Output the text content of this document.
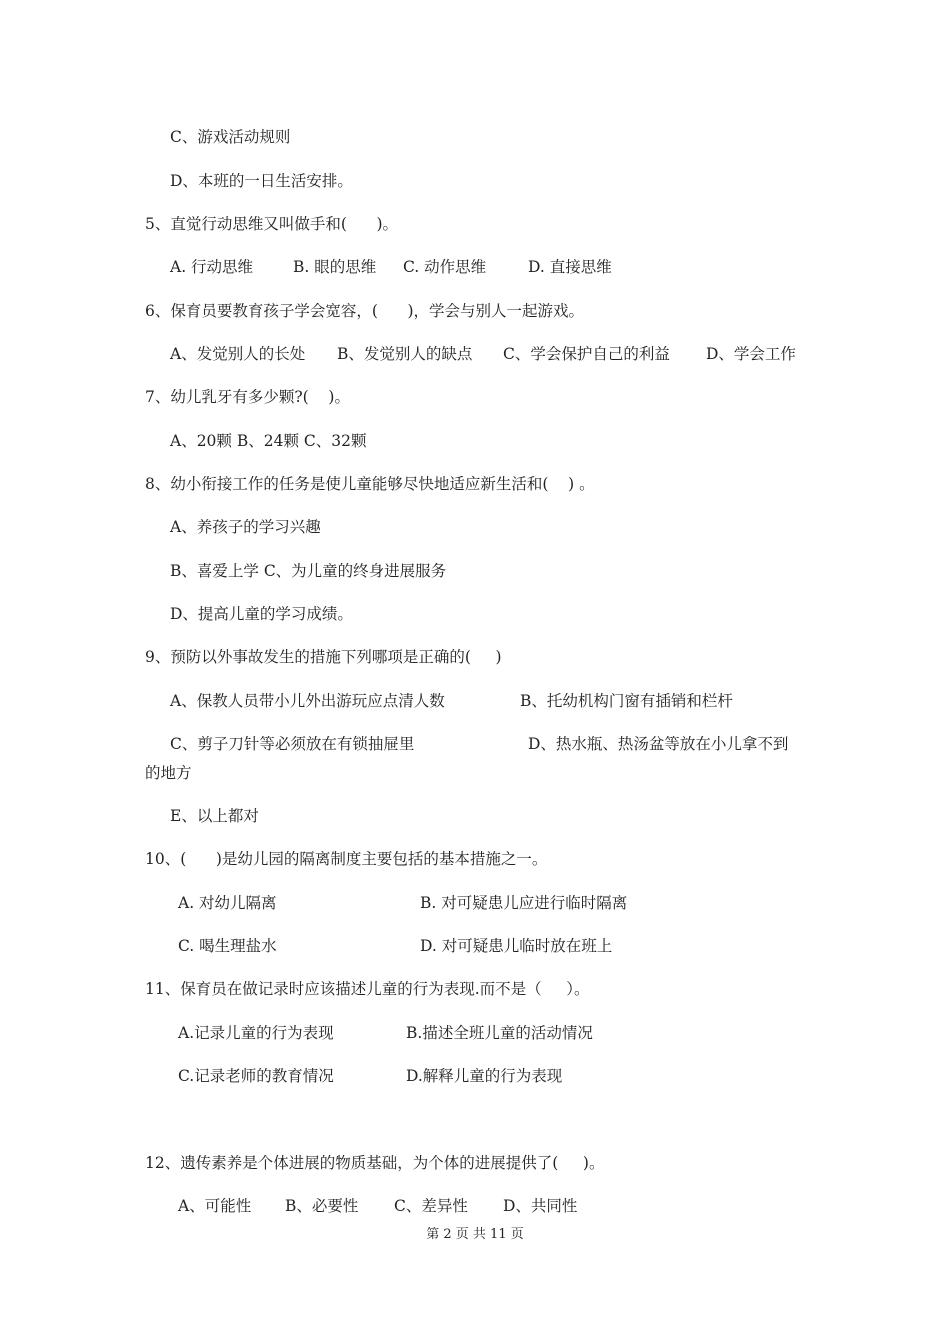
C、游戏活动规则
D、本班的一日生活安排。
5、直觉行动思维又叫做手和(      )。
A. 行动思维	B. 眼的思维 C. 动作思维	D. 直接思维
6、保育员要教育孩子学会宽容，(      )，学会与别人一起游戏。
A、发觉别人的长处 B、发觉别人的缺点 C、学会保护自己的利益 D、学会工作
7、幼儿乳牙有多少颗?(    )。
A、20颗 B、24颗 C、32颗
8、幼小衔接工作的任务是使儿童能够尽快地适应新生活和(    ) 。
A、养孩子的学习兴趣
B、喜爱上学 C、为儿童的终身进展服务
D、提高儿童的学习成绩。
9、预防以外事故发生的措施下列哪项是正确的(     )
A、保教人员带小儿外出游玩应点清人数	B、托幼机构门窗有插销和栏杆
C、剪子刀针等必须放在有锁抽屉里	D、热水瓶、热汤盆等放在小儿拿不到
的地方
E、以上都对
10、(      )是幼儿园的隔离制度主要包括的基本措施之一。
A. 对幼儿隔离	B. 对可疑患儿应进行临时隔离
C. 喝生理盐水	D. 对可疑患儿临时放在班上
11、保育员在做记录时应该描述儿童的行为表现.而不是（     ）。
A.记录儿童的行为表现	B.描述全班儿童的活动情况
C.记录老师的教育情况	D.解释儿童的行为表现
12、遗传素养是个体进展的物质基础，为个体的进展提供了(     )。
A、可能性 B、必要性 C、差异性 D、共同性
第 2 页 共 11 页
